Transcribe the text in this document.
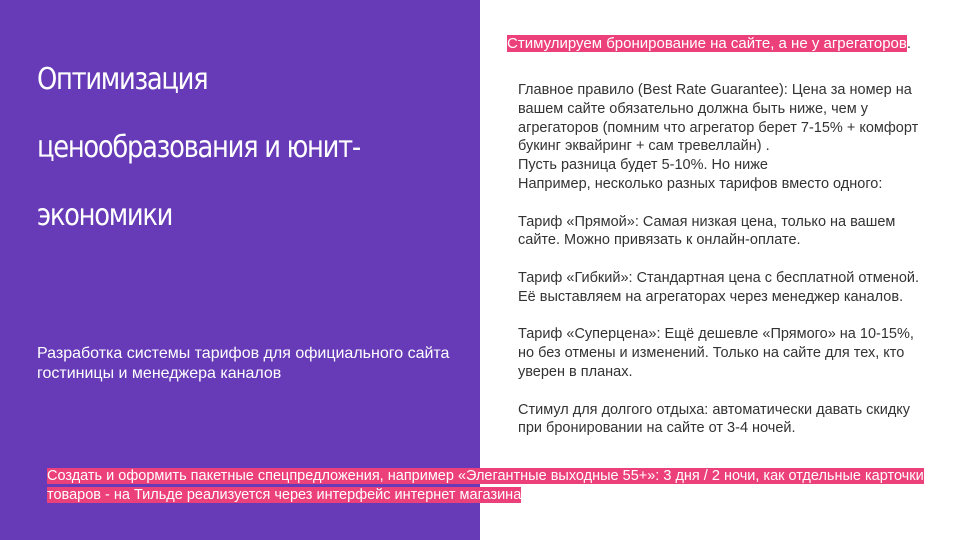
Оптимизация ценообразования и юнит-экономики
Разработка системы тарифов для официального сайта гостиницы и менеджера каналов
Стимулируем бронирование на сайте, а не у агрегаторов.

Главное правило (Best Rate Guarantee): Цена за номер на вашем сайте обязательно должна быть ниже, чем у агрегаторов (помним что агрегатор берет 7-15% + комфорт букинг эквайринг + сам тревеллайн) .

Пусть разница будет 5-10%. Но ниже

Например, несколько разных тарифов вместо одного:

Тариф «Прямой»: Самая низкая цена, только на вашем сайте. Можно привязать к онлайн-оплате.

Тариф «Гибкий»: Стандартная цена с бесплатной отменой. Её выставляем на агрегаторах через менеджер каналов.

Тариф «Суперцена»: Ещё дешевле «Прямого» на 10-15%, но без отмены и изменений. Только на сайте для тех, кто уверен в планах.

Стимул для долгого отдыха: автоматически давать скидку при бронировании на сайте от 3-4 ночей.

Создать и оформить пакетные спецпредложения, например «Элегантные выходные 55+»: 3 дня / 2 ночи, как отдельные карточки товаров - на Тильде реализуется через интерфейс интернет магазина
